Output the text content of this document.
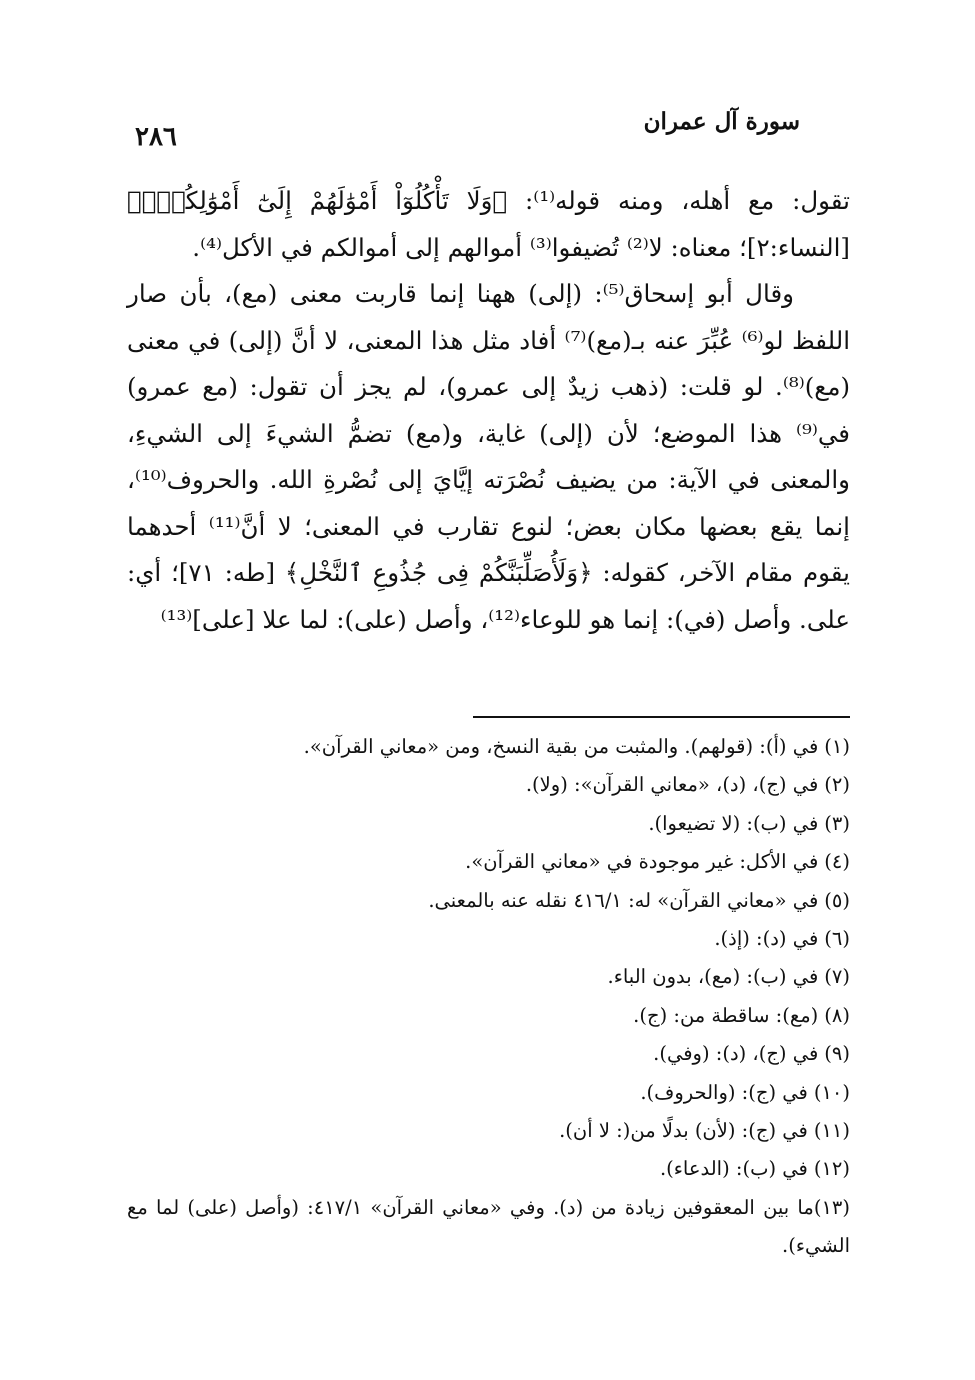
سورة آل عمران
٢٨٦

تقول: مع أهله، ومنه قوله⁽¹⁾: ﴿وَلَا تَأْكُلُوٓاْ أَمْوَٰلَهُمْ إِلَىٰٓ أَمْوَٰلِكُمْۚ﴾ [النساء:٢]؛ معناه: لا⁽²⁾ تُضيفوا⁽³⁾ أموالهم إلى أموالكم في الأكل⁽⁴⁾.

وقال أبو إسحاق⁽⁵⁾: (إلى) ههنا إنما قاربت معنى (مع)، بأن صار اللفظ لو⁽⁶⁾ عُبِّرَ عنه بـ(مع)⁽⁷⁾ أفاد مثل هذا المعنى، لا أنَّ (إلى) في معنى (مع)⁽⁸⁾. لو قلت: (ذهب زيدٌ إلى عمرو)، لم يجز أن تقول: (مع عمرو) في⁽⁹⁾ هذا الموضع؛ لأن (إلى) غاية، و(مع) تضمُّ الشيءَ إلى الشيءِ، والمعنى في الآية: من يضيف نُصْرَته إيَّايَ إلى نُصْرةِ الله. والحروف⁽¹⁰⁾، إنما يقع بعضها مكان بعض؛ لنوع تقارب في المعنى؛ لا أنَّ⁽¹¹⁾ أحدهما يقوم مقام الآخر، كقوله: ﴿وَلَأُصَلِّبَنَّكُمْ فِى جُذُوعِ ٱلنَّخْلِ﴾ [طه: ٧١]؛ أي: على. وأصل (في): إنما هو للوعاء⁽¹²⁾، وأصل (على): لما علا [على]⁽¹³⁾

(١)في (أ): (قولهم). والمثبت من بقية النسخ، ومن «معاني القرآن».

(٢)في (ج)، (د)، «معاني القرآن»: (ولا).

(٣)في (ب): (لا تضيعوا).

(٤)في الأكل: غير موجودة في «معاني القرآن».

(٥)في «معاني القرآن» له: ٤١٦/١ نقله عنه بالمعنى.

(٦)في (د): (إذ).

(٧)في (ب): (مع)، بدون الباء.

(٨)(مع): ساقطة من: (ج).

(٩)في (ج)، (د): (وفي).

(١٠)في (ج): (والحروف).

(١١)في (ج): (لأن) بدلًا من(: لا أن).

(١٢)في (ب): (الدعاء).

(١٣)ما بين المعقوفين زيادة من (د). وفي «معاني القرآن» ٤١٧/١: (وأصل (على) لما مع الشيء).
